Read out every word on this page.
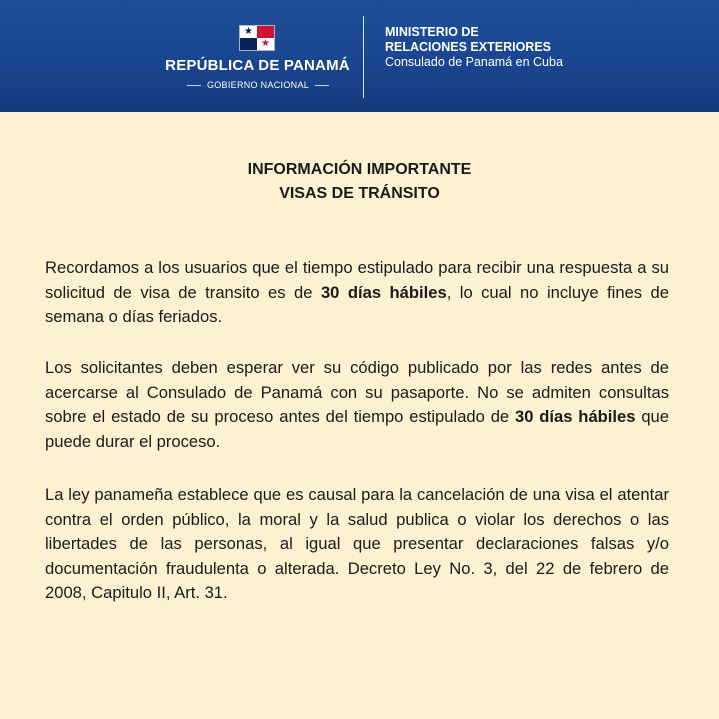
★
★
REPÚBLICA DE PANAMÁ
GOBIERNO NACIONAL
MINISTERIO DE
RELACIONES EXTERIORES
Consulado de Panamá en Cuba
INFORMACIÓN IMPORTANTE
VISAS DE TRÁNSITO
Recordamos a los usuarios que el tiempo estipulado para recibir una respuesta a su solicitud de visa de transito es de 30 días hábiles, lo cual no incluye fines de semana o días feriados.
Los solicitantes deben esperar ver su código publicado por las redes antes de acercarse al Consulado de Panamá con su pasaporte. No se admiten consultas sobre el estado de su proceso antes del tiempo estipulado de 30 días hábiles que puede durar el proceso.
La ley panameña establece que es causal para la cancelación de una visa el atentar contra el orden público, la moral y la salud publica o violar los derechos o las libertades de las personas, al igual que presentar declaraciones falsas y/o documentación fraudulenta o alterada. Decreto Ley No. 3, del 22 de febrero de 2008, Capitulo II, Art. 31.
